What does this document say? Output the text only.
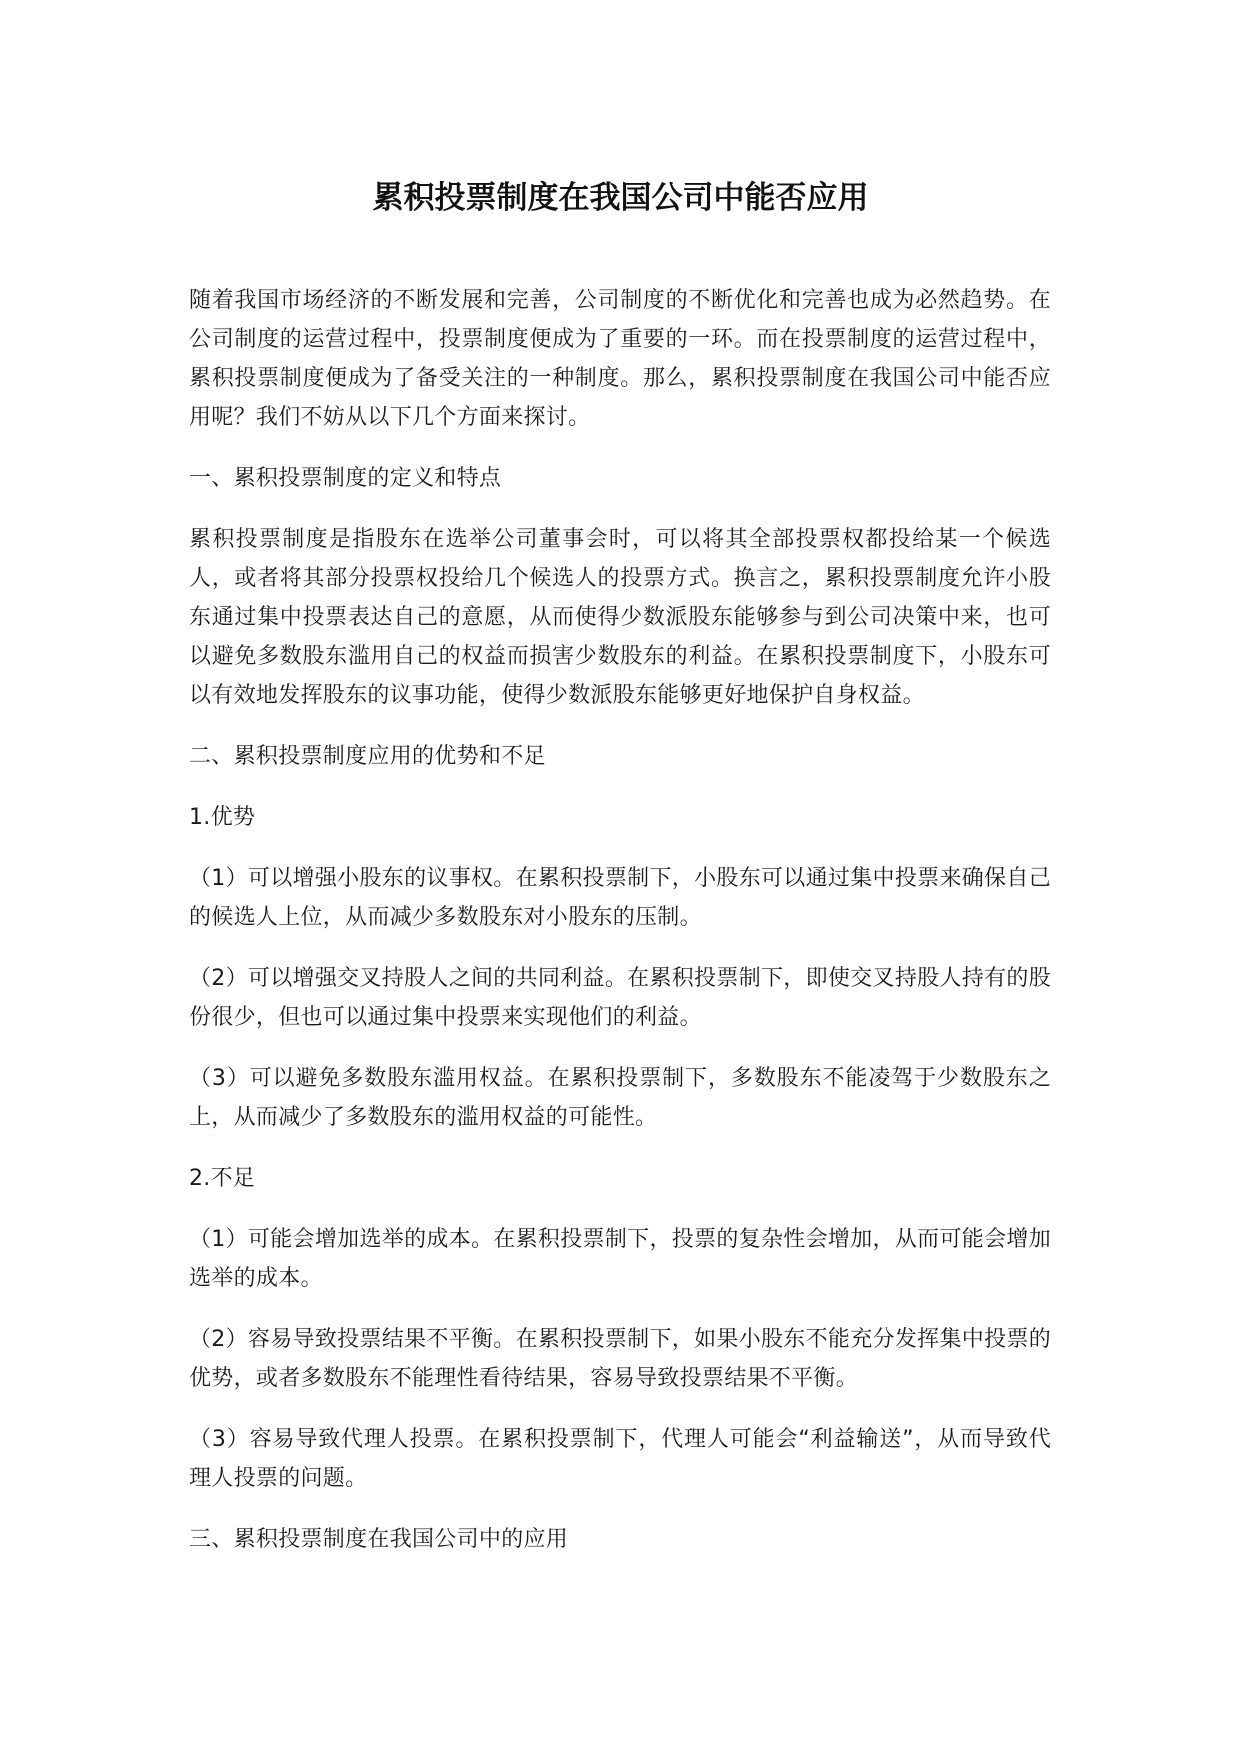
累积投票制度在我国公司中能否应用

随着我国市场经济的不断发展和完善，公司制度的不断优化和完善也成为必然趋势。在公司制度的运营过程中，投票制度便成为了重要的一环。而在投票制度的运营过程中，累积投票制度便成为了备受关注的一种制度。那么，累积投票制度在我国公司中能否应用呢？我们不妨从以下几个方面来探讨。

一、累积投票制度的定义和特点

累积投票制度是指股东在选举公司董事会时，可以将其全部投票权都投给某一个候选人，或者将其部分投票权投给几个候选人的投票方式。换言之，累积投票制度允许小股东通过集中投票表达自己的意愿，从而使得少数派股东能够参与到公司决策中来，也可以避免多数股东滥用自己的权益而损害少数股东的利益。在累积投票制度下，小股东可以有效地发挥股东的议事功能，使得少数派股东能够更好地保护自身权益。

二、累积投票制度应用的优势和不足

1.优势

（1）可以增强小股东的议事权。在累积投票制下，小股东可以通过集中投票来确保自己的候选人上位，从而减少多数股东对小股东的压制。

（2）可以增强交叉持股人之间的共同利益。在累积投票制下，即使交叉持股人持有的股份很少，但也可以通过集中投票来实现他们的利益。

（3）可以避免多数股东滥用权益。在累积投票制下，多数股东不能凌驾于少数股东之上，从而减少了多数股东的滥用权益的可能性。

2.不足

（1）可能会增加选举的成本。在累积投票制下，投票的复杂性会增加，从而可能会增加选举的成本。

（2）容易导致投票结果不平衡。在累积投票制下，如果小股东不能充分发挥集中投票的优势，或者多数股东不能理性看待结果，容易导致投票结果不平衡。

（3）容易导致代理人投票。在累积投票制下，代理人可能会“利益输送”，从而导致代理人投票的问题。

三、累积投票制度在我国公司中的应用
